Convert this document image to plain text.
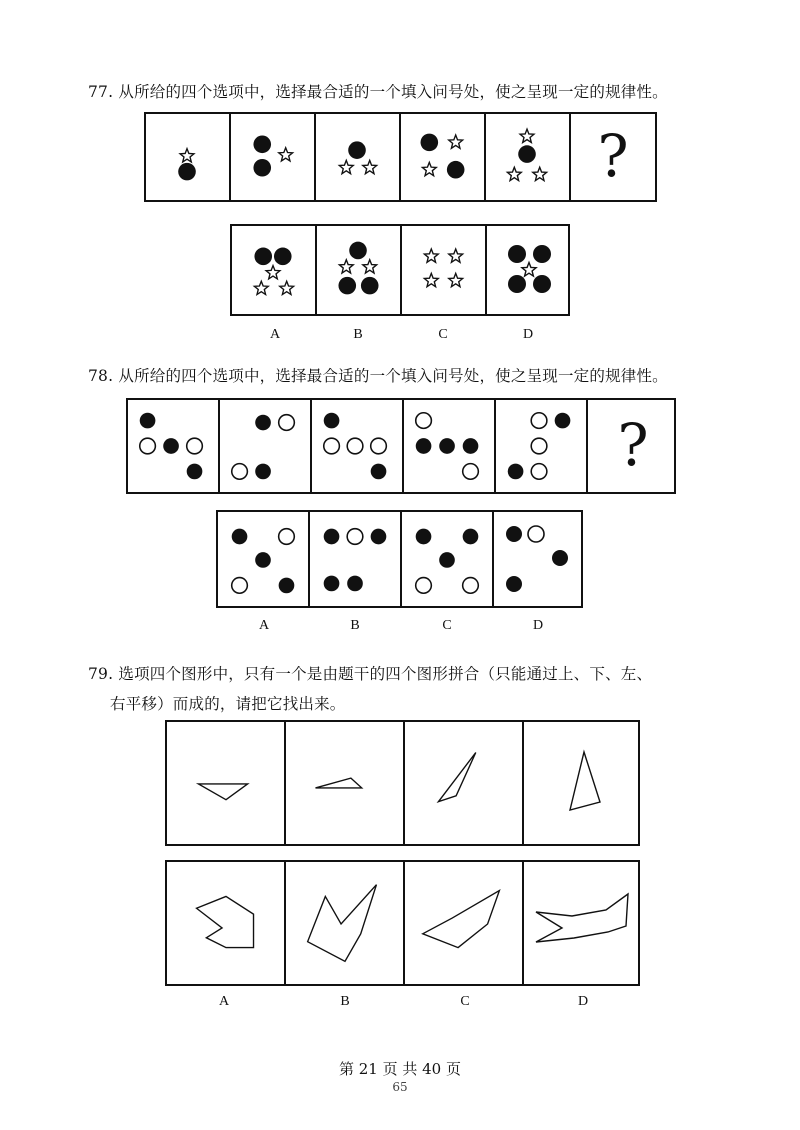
77. 从所给的四个选项中，选择最合适的一个填入问号处，使之呈现一定的规律性。
?
A	B	C	D
78. 从所给的四个选项中，选择最合适的一个填入问号处，使之呈现一定的规律性。
?
A	B	C	D
79. 选项四个图形中，只有一个是由题干的四个图形拼合（只能通过上、下、左、
右平移）而成的，请把它找出来。
A	B	C	D
第 21 页 共 40 页
65
